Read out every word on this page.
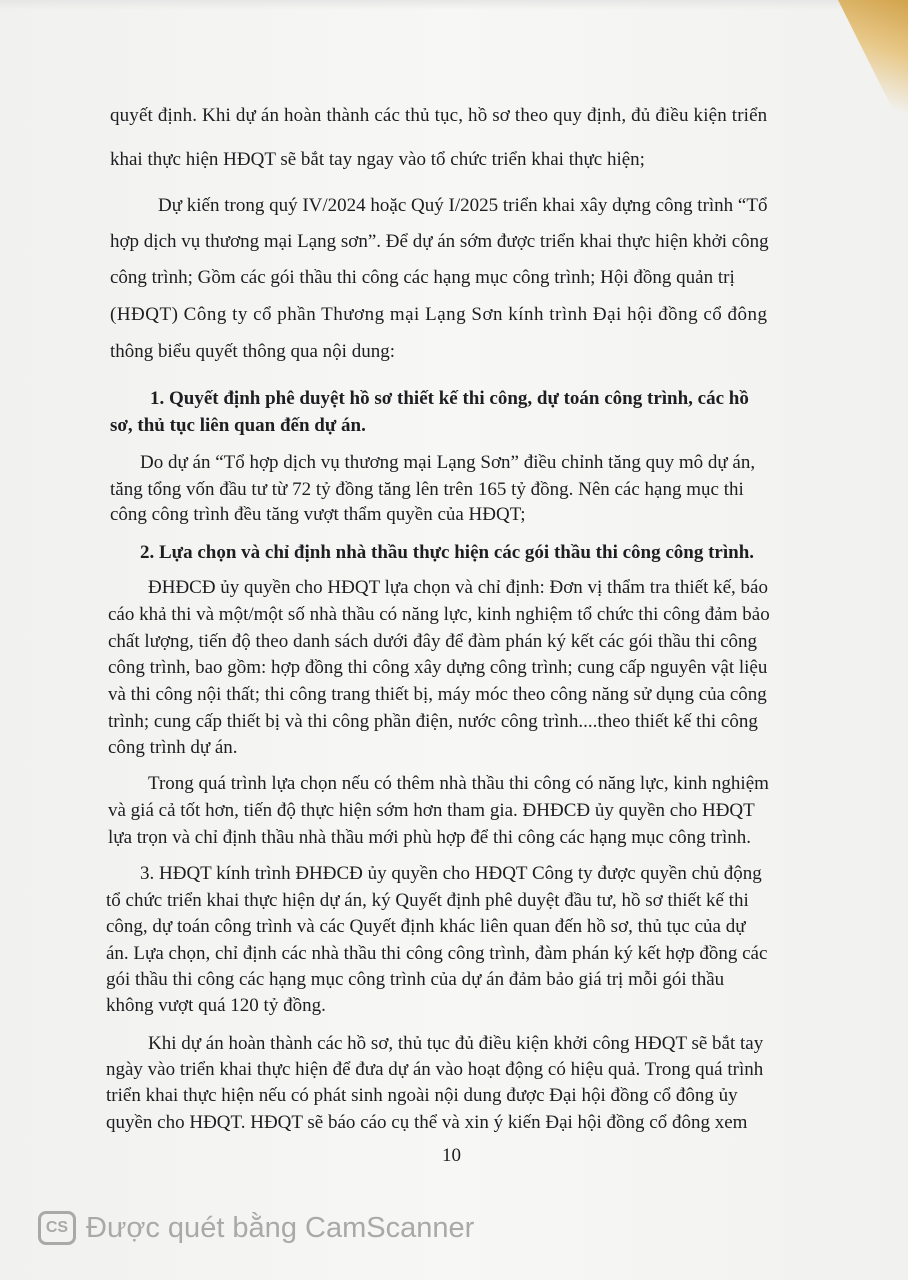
quyết định. Khi dự án hoàn thành các thủ tục, hồ sơ theo quy định, đủ điều kiện triển
khai thực hiện HĐQT sẽ bắt tay ngay vào tổ chức triển khai thực hiện;
Dự kiến trong quý IV/2024 hoặc Quý I/2025 triển khai xây dựng công trình “Tổ
hợp dịch vụ thương mại Lạng sơn”. Để dự án sớm được triển khai thực hiện khởi công
công trình; Gồm các gói thầu thi công các hạng mục công trình; Hội đồng quản trị
(HĐQT) Công ty cổ phần Thương mại Lạng Sơn kính trình Đại hội đồng cổ đông
thông biểu quyết thông qua nội dung:
1. Quyết định phê duyệt hồ sơ thiết kế thi công, dự toán công trình, các hồ
sơ, thủ tục liên quan đến dự án.
Do dự án “Tổ hợp dịch vụ thương mại Lạng Sơn” điều chỉnh tăng quy mô dự án,
tăng tổng vốn đầu tư từ 72 tỷ đồng tăng lên trên 165 tỷ đồng. Nên các hạng mục thi
công công trình đều tăng vượt thẩm quyền của HĐQT;
2. Lựa chọn và chỉ định nhà thầu thực hiện các gói thầu thi công công trình.
ĐHĐCĐ ủy quyền cho HĐQT lựa chọn và chỉ định: Đơn vị thẩm tra thiết kế, báo
cáo khả thi và một/một số nhà thầu có năng lực, kinh nghiệm tổ chức thi công đảm bảo
chất lượng, tiến độ theo danh sách dưới đây để đàm phán ký kết các gói thầu thi công
công trình, bao gồm: hợp đồng thi công xây dựng công trình; cung cấp nguyên vật liệu
và thi công nội thất; thi công trang thiết bị, máy móc theo công năng sử dụng của công
trình; cung cấp thiết bị và thi công phần điện, nước công trình....theo thiết kế thi công
công trình dự án.
Trong quá trình lựa chọn nếu có thêm nhà thầu thi công có năng lực, kinh nghiệm
và giá cả tốt hơn, tiến độ thực hiện sớm hơn tham gia. ĐHĐCĐ ủy quyền cho HĐQT
lựa trọn và chỉ định thầu nhà thầu mới phù hợp để thi công các hạng mục công trình.
3. HĐQT kính trình ĐHĐCĐ ủy quyền cho HĐQT Công ty được quyền chủ động
tổ chức triển khai thực hiện dự án, ký Quyết định phê duyệt đầu tư, hồ sơ thiết kế thi
công, dự toán công trình và các Quyết định khác liên quan đến hồ sơ, thủ tục của dự
án. Lựa chọn, chỉ định các nhà thầu thi công công trình, đàm phán ký kết hợp đồng các
gói thầu thi công các hạng mục công trình của dự án đảm bảo giá trị mỗi gói thầu
không vượt quá 120 tỷ đồng.
Khi dự án hoàn thành các hồ sơ, thủ tục đủ điều kiện khởi công HĐQT sẽ bắt tay
ngày vào triển khai thực hiện để đưa dự án vào hoạt động có hiệu quả. Trong quá trình
triển khai thực hiện nếu có phát sinh ngoài nội dung được Đại hội đồng cổ đông ủy
quyền cho HĐQT. HĐQT sẽ báo cáo cụ thể và xin ý kiến Đại hội đồng cổ đông xem
10
CS Được quét bằng CamScanner
